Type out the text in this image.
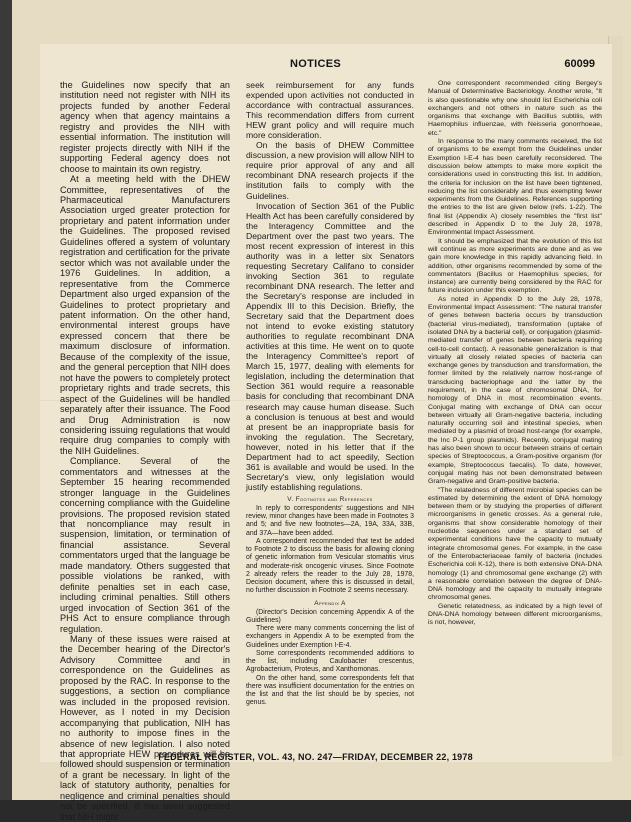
NOTICES	60099

the Guidelines now specify that an institution need not register with NIH its projects funded by another Federal agency when that agency maintains a registry and provides the NIH with essential information. The institution will register projects directly with NIH if the supporting Federal agency does not choose to maintain its own registry.

At a meeting held with the DHEW Committee, representatives of the Pharmaceutical Manufacturers Association urged greater protection for proprietary and patent information under the Guidelines. The proposed revised Guidelines offered a system of voluntary registration and certification for the private sector which was not available under the 1976 Guidelines. In addition, a representative from the Commerce Department also urged expansion of the Guidelines to protect proprietary and patent information. On the other hand, environmental interest groups have expressed concern that there be maximum disclosure of information. Because of the complexity of the issue, and the general perception that NIH does not have the powers to completely protect proprietary rights and trade secrets, this aspect of the Guidelines will be handled separately after their issuance. The Food and Drug Administration is now considering issuing regulations that would require drug companies to comply with the NIH Guidelines.

Compliance. Several of the commentators and witnesses at the September 15 hearing recommended stronger language in the Guidelines concerning compliance with the Guideline provisions. The proposed revision stated that noncompliance may result in suspension, limitation, or termination of financial assistance. Several commentators urged that the language be made mandatory. Others suggested that possible violations be ranked, with definite penalties set in each case, including criminal penalties. Still others urged invocation of Section 361 of the PHS Act to ensure compliance through regulation.

Many of these issues were raised at the December hearing of the Director's Advisory Committee and in correspondence on the Guidelines as proposed by the RAC. In response to the suggestions, a section on compliance was included in the proposed revision. However, as I noted in my Decision accompanying that publication, NIH has no authority to impose fines in the absence of new legislation. I also noted that appropriate HEW procedures will be followed should suspension or termination of a grant be necessary. In light of the lack of statutory authority, penalties for negligence and criminal penalties should not be specified. It has been suggested that NIH might

seek reimbursement for any funds expended upon activities not conducted in accordance with contractual assurances. This recommendation differs from current HEW grant policy and will require much more consideration.

On the basis of DHEW Committee discussion, a new provision will allow NIH to require prior approval of any and all recombinant DNA research projects if the institution fails to comply with the Guidelines.

Invocation of Section 361 of the Public Health Act has been carefully considered by the Interagency Committee and the Department over the past two years. The most recent expression of interest in this authority was in a letter six Senators requesting Secretary Califano to consider invoking Section 361 to regulate recombinant DNA research. The letter and the Secretary's response are included in Appendix III to this Decision. Briefly, the Secretary said that the Department does not intend to evoke existing statutory authorities to regulate recombinant DNA activities at this time. He went on to quote the Interagency Committee's report of March 15, 1977, dealing with elements for legislation, including the determination that Section 361 would require a reasonable basis for concluding that recombinant DNA research may cause human disease. Such a conclusion is tenuous at best and would at present be an inappropriate basis for invoking the regulation. The Secretary, however, noted in his letter that if the Department had to act speedily, Section 361 is available and would be used. In the Secretary's view, only legislation would justify establishing regulations.

V. Footnotes and References

In reply to correspondents' suggestions and NIH review, minor changes have been made in Footnotes 3 and 5; and five new footnotes—2A, 19A, 33A, 33B, and 37A—have been added.

A correspondent recommended that text be added to Footnote 2 to discuss the basis for allowing cloning of genetic information from Vesicular stomatitis virus and moderate-risk oncogenic viruses. Since Footnote 2 already refers the reader to the July 28, 1978, Decision document, where this is discussed in detail, no further discussion in Footnote 2 seems necessary.

Appendix A

(Director's Decision concerning Appendix A of the Guidelines)

There were many comments concerning the list of exchangers in Appendix A to be exempted from the Guidelines under Exemption I-E-4.

Some correspondents recommended additions to the list, including Caulobacter crescentus, Agrobacterium, Proteus, and Xanthomonas.

On the other hand, some correspondents felt that there was insufficient documentation for the entries on the list and that the list should be by species, not genus.

One correspondent recommended citing Bergey's Manual of Determinative Bacteriology. Another wrote, "It is also questionable why one should list Escherichia coli exchangers and not others in nature such as the organisms that exchange with Bacillus subtilis, with Haemophilus influenzae, with Neisseria gonorrhoeae, etc."

In response to the many comments received, the list of organisms to be exempt from the Guidelines under Exemption I-E-4 has been carefully reconsidered. The discussion below attempts to make more explicit the considerations used in constructing this list. In addition, the criteria for inclusion on the list have been tightened, reducing the list considerably and thus exempting fewer experiments from the Guidelines. References supporting the entries to the list are given below (refs. 1-22). The final list (Appendix A) closely resembles the "first list" described in Appendix D to the July 28, 1978, Environmental Impact Assessment.

It should be emphasized that the evolution of this list will continue as more experiments are done and as we gain more knowledge in this rapidly advancing field. In addition, other organisms recommended by some of the commentators (Bacillus or Haemophilus species, for instance) are currently being considered by the RAC for future inclusion under this exemption.

As noted in Appendix D to the July 28, 1978, Environmental Impact Assessment: "The natural transfer of genes between bacteria occurs by transduction (bacterial virus-mediated), transformation (uptake of isolated DNA by a bacterial cell), or conjugation (plasmid-mediated transfer of genes between bacteria requiring cell-to-cell contact). A reasonable generalization is that virtually all closely related species of bacteria can exchange genes by transduction and transformation, the former limited by the relatively narrow host-range of transducing bacteriophage and the latter by the requirement, in the case of chromosomal DNA, for homology of DNA in most recombination events. Conjugal mating with exchange of DNA can occur between virtually all Gram-negative bacteria, including naturally occurring soil and intestinal species, when mediated by a plasmid of broad host-range (for example, the Inc P-1 group plasmids). Recently, conjugal mating has also been shown to occur between strains of certain species of Streptococcus, a Gram-positive organism (for example, Streptococcus faecalis). To date, however, conjugal mating has not been demonstrated between Gram-negative and Gram-positive bacteria.

"The relatedness of different microbial species can be estimated by determining the extent of DNA homology between them or by studying the properties of different microorganisms in genetic crosses. As a general rule, organisms that show considerable homology of their nucleotide sequences under a standard set of experimental conditions have the capacity to mutually integrate chromosomal genes. For example, in the case of the Enterobacteriaceae family of bacteria (includes Escherichia coli K-12), there is both extensive DNA-DNA homology (1) and chromosomal gene exchange (2) with a reasonable correlation between the degree of DNA-DNA homology and the capacity to mutually integrate chromosomal genes.

Genetic relatedness, as indicated by a high level of DNA-DNA homology between different microorganisms, is not, however,

FEDERAL REGISTER, VOL. 43, NO. 247—FRIDAY, DECEMBER 22, 1978
